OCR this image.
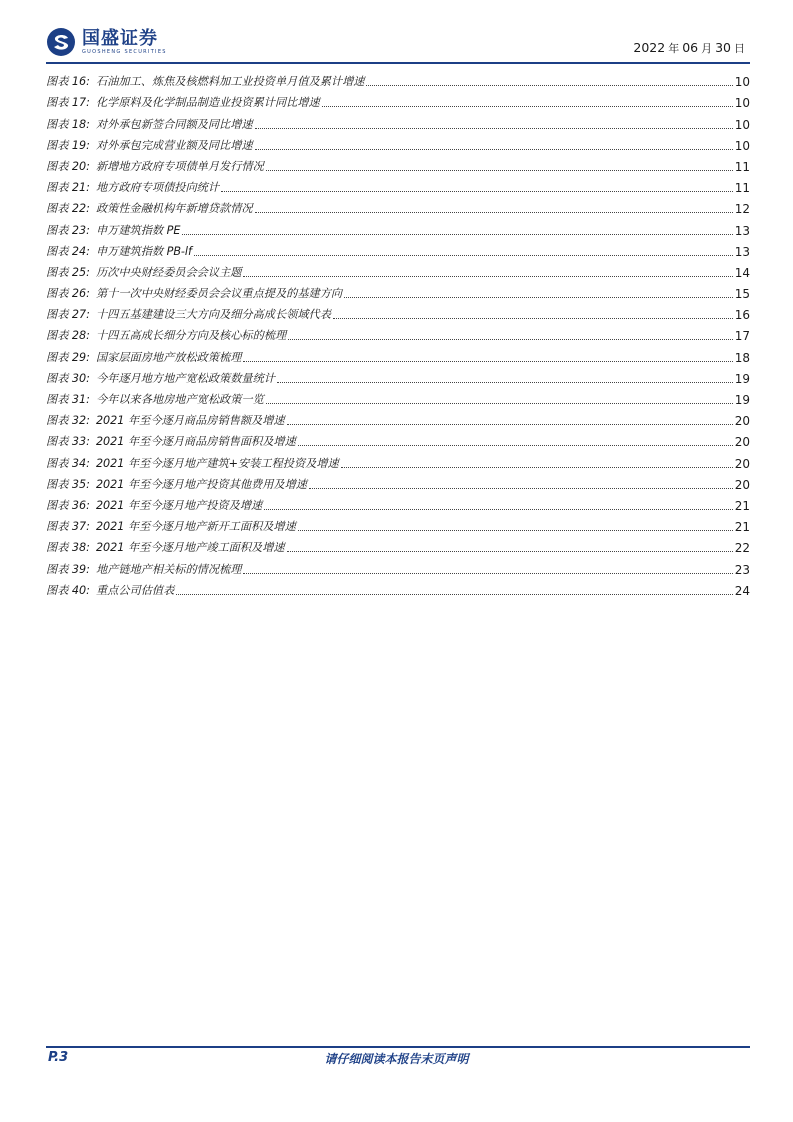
国盛证券
GUOSHENG SECURITIES	2022 年 06 月 30 日
图表 16: 石油加工、炼焦及核燃料加工业投资单月值及累计增速	10
图表 17: 化学原料及化学制品制造业投资累计同比增速	10
图表 18: 对外承包新签合同额及同比增速	10
图表 19: 对外承包完成营业额及同比增速	10
图表 20: 新增地方政府专项债单月发行情况	11
图表 21: 地方政府专项债投向统计	11
图表 22: 政策性金融机构年新增贷款情况	12
图表 23: 申万建筑指数 PE	13
图表 24: 申万建筑指数 PB-lf	13
图表 25: 历次中央财经委员会会议主题	14
图表 26: 第十一次中央财经委员会会议重点提及的基建方向	15
图表 27: 十四五基建建设三大方向及细分高成长领域代表	16
图表 28: 十四五高成长细分方向及核心标的梳理	17
图表 29: 国家层面房地产放松政策梳理	18
图表 30: 今年逐月地方地产宽松政策数量统计	19
图表 31: 今年以来各地房地产宽松政策一览	19
图表 32: 2021 年至今逐月商品房销售额及增速	20
图表 33: 2021 年至今逐月商品房销售面积及增速	20
图表 34: 2021 年至今逐月地产建筑+安装工程投资及增速	20
图表 35: 2021 年至今逐月地产投资其他费用及增速	20
图表 36: 2021 年至今逐月地产投资及增速	21
图表 37: 2021 年至今逐月地产新开工面积及增速	21
图表 38: 2021 年至今逐月地产竣工面积及增速	22
图表 39: 地产链地产相关标的情况梳理	23
图表 40: 重点公司估值表	24
P.3	请仔细阅读本报告末页声明
